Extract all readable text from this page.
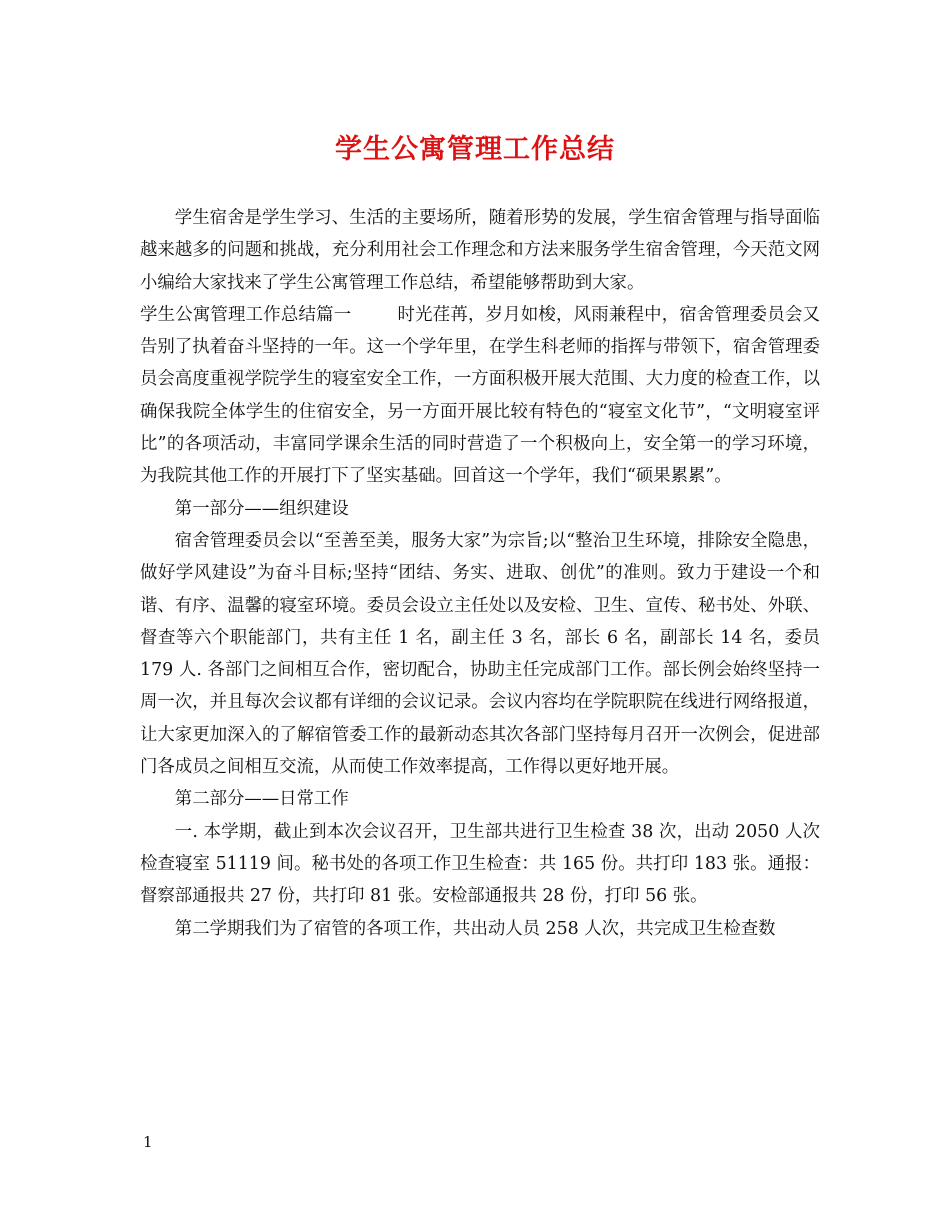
学生公寓管理工作总结

学生宿舍是学生学习、生活的主要场所，随着形势的发展，学生宿舍管理与指导面临越来越多的问题和挑战，充分利用社会工作理念和方法来服务学生宿舍管理，今天范文网小编给大家找来了学生公寓管理工作总结，希望能够帮助到大家。

学生公寓管理工作总结篇一	时光荏苒，岁月如梭，风雨兼程中，宿舍管理委员会又告别了执着奋斗坚持的一年。这一个学年里，在学生科老师的指挥与带领下，宿舍管理委员会高度重视学院学生的寝室安全工作，一方面积极开展大范围、大力度的检查工作，以确保我院全体学生的住宿安全，另一方面开展比较有特色的“寝室文化节”，“文明寝室评比”的各项活动，丰富同学课余生活的同时营造了一个积极向上，安全第一的学习环境，为我院其他工作的开展打下了坚实基础。回首这一个学年，我们“硕果累累”。

第一部分——组织建设

宿舍管理委员会以“至善至美，服务大家”为宗旨;以“整治卫生环境，排除安全隐患，做好学风建设”为奋斗目标;坚持“团结、务实、进取、创优”的准则。致力于建设一个和谐、有序、温馨的寝室环境。委员会设立主任处以及安检、卫生、宣传、秘书处、外联、督查等六个职能部门，共有主任 1 名，副主任 3 名，部长 6 名，副部长 14 名，委员 179 人. 各部门之间相互合作，密切配合，协助主任完成部门工作。部长例会始终坚持一周一次，并且每次会议都有详细的会议记录。会议内容均在学院职院在线进行网络报道，让大家更加深入的了解宿管委工作的最新动态其次各部门坚持每月召开一次例会，促进部门各成员之间相互交流，从而使工作效率提高，工作得以更好地开展。

第二部分——日常工作

一. 本学期，截止到本次会议召开，卫生部共进行卫生检查 38 次，出动 2050 人次检查寝室 51119 间。秘书处的各项工作卫生检查：共 165 份。共打印 183 张。通报： 督察部通报共 27 份，共打印 81 张。安检部通报共 28 份，打印 56 张。

第二学期我们为了宿管的各项工作，共出动人员 258 人次，共完成卫生检查数

1
